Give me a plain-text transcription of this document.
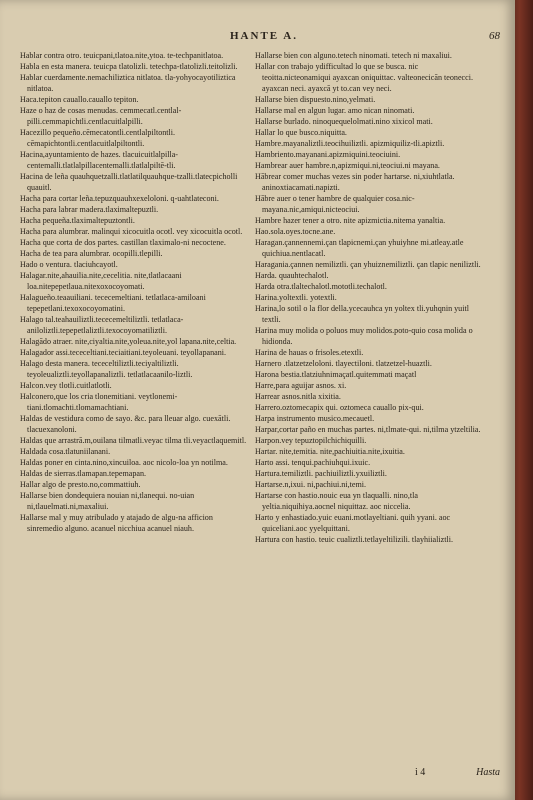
HANTE A.	68

Hablar contra otro. teuicpani,tlatoa.nite,ytoa. te-techpanitlatoa.

Habla en esta manera. teuicpa tlatolizli. tetechpa-tlatolizli.teitolizli.

Hablar cuerdamente.nemachiliztica nitlatoa. tla-yohyocayotiliztica nitlatoa.

Haca.tepiton cauallo.cauallo tepiton.

Haze o haz de cosas menudas. cemmecatl.centlal-pilli.cemmapichtli.centlacuitlalpilli.

Hacezillo pequeño.cēmecatontli.centlalpiltontli. cēmapichtontli.centlacuitlalpiltontli.

Hacina,ayuntamiento de hazes. tlacuicuitlalpilla-centemalli.tlatlalpillacentemalli.tlatlalpiltē-tli.

Hacina de leña quauhquetzalli.tlatlatilquauhque-tzalli.tlatecpicholli quauitl.

Hacha para cortar leña.tepuzquauhxexeloloni. q-uahtlateconi.

Hacha para labrar madera.tlaximaltepuztli.

Hacha pequeña.tlaximaltepuztontli.

Hacha para alumbrar. malinqui xicocuitla ocotl. vey xicocuitla ocotl.

Hacha que corta de dos partes. castillan tlaximalo-ni necoctene.

Hacha de tea para alumbrar. ocopilli.tlepilli.

Hado o ventura. tlaciuhcayotl.

Halagar.nite,ahauilia.nite,cecelitia. nite,tlatlacaani loa.nitepepetlaua.nitexoxocoyomati.

Halagueño.teaauiliani. tececemeltiani. tetlatlaca-amiloani tepepetlani.texoxocoyomatini.

Halago tal.teahauiliztli.tececemeltiliztli. tetlatlaca-aniloliztli.tepepetlaliztli.texocoyomatiliztli.

Halagādo atraer. nite,ciyaltia.nite,yoleua.nite,yol lapana.nite,celtia.

Halagador assi.tececeltiani.teciaitiani.teyoleuani. teyollapanani.

Halago desta manera. tececeltiliztli.teciyaltiliztli. teyoleualiztli.teyollapanaliztli. tetlatlacaanilo-liztli.

Halcon.vey tlotli.cuitlatlotli.

Halconero,que los cria tlonemitiani. veytlonemi-tiani.tlomachti.tlomamachtiani.

Haldas de vestidura como de sayo. &c. para lleuar algo. cuexātli. tlacuexanoloni.

Haldas que arrastrā.m,ouilana tilmatli.veyac tilma tli.veyactlaquemitl.

Haldada cosa.tlatuniilanani.

Haldas poner en cinta.nino,xincuiloa. aoc nicolo-loa yn notilma.

Haldas de sierras.tlamapan.tepemapan.

Hallar algo de presto.no,commattiuh.

Hallarse bien dondequiera nouian ni,tlanequi. no-uian ni,tlauelmati.ni,maxaliui.

Hallarse mal y muy atribulado y atajado de algu-na afficion sinremedio alguno. acanuel nicchiua acanuel niauh.

Hallarse bien con alguno.tetech ninomati. tetech ni maxaliui.

Hallar con trabajo ydifficultad lo que se busca. nic teoitta.nicteonamiqui ayaxcan oniquittac. valteonecicān teonecci. ayaxcan neci. ayaxcā yt to.can vey neci.

Hallarse bien dispuesto.nino,yelmati.

Hallarse mal en algun lugar. amo nican ninomati.

Hallarse burlado. ninoquequelolmati.nino xixicol mati.

Hallar lo que busco.niquitta.

Hambre.mayanaliztli.teocihuiliztli. apizmiquiliz-tli.apiztli.

Hambriento.mayanani.apizmiquini.teociuini.

Hambrear auer hambre.n,apizmiqui.ni,teociui.ni mayana.

Hābrear comer muchas vezes sin poder hartarse. ni,xiuhtlatla. aninoxtiacamati.napizti.

Hābre auer o tener hambre de qualquier cosa.nic-mayana.nic,amiqui.nicteociui.

Hambre hazer tener a otro. nite apizmictia.nitema yanaltia.

Hao.sola.oyes.tocne.ane.

Haragan.çannennemi.çan tlapicnemi.çan yhuiyhne mi.atleay.atle quichiua.nentlacatl.

Haragania.çannen nemiliztli. çan yhuiznemiliztli. çan tlapic neniliztli.

Harda. quauhtechalotl.

Harda otra.tlaltechalotl.mototli.techalotl.

Harina.yoltextli. yotextli.

Harina,lo sotil o la flor della.ycecauhca yn yoltex tli.yuhqnin yuitl textli.

Harina muy molida o poluos muy molidos.poto-quio cosa molida o hidionda.

Harina de hauas o frisoles.etextli.

Harnero .tlatzetzeloloni. tlayectiloni. tlatzetzel-huaztli.

Harona bestia.tlatziuhnimaçatl.quitemmati maçatl

Harre,para aguijar asnos. xi.

Harrear asnos.nitla xixitia.

Harrero.oztomecapix qui. oztomeca cauallo pix-qui.

Harpa instrumento musico.mecauetl.

Harpar,cortar paño en muchas partes. ni,tlmate-qui. ni,tilma ytzeltilia.

Harpon.vey tepuztopilchichiquilli.

Hartar. nite,temitia. nite,pachiuitia.nite,ixuitia.

Harto assi. tenqui.pachiuhqui.ixuic.

Hartura.temiliztli. pachiuiliztli.yxuiliztli.

Hartarse.n,ixui. ni,pachiui.ni,temi.

Hartarse con hastio.nouic eua yn tlaqualli. nino,tla yeltia.niquihiya.aocnel niquittaz. aoc niccelia.

Harto y enhastiado.yuic euani.motlayeltiani. quih yyani. aoc quiceliani.aoc yyelquittani.

Hartura con hastio. teuic cualiztli.tetlayeltilizili. tlayhiializtli.

i 4	Hasta
